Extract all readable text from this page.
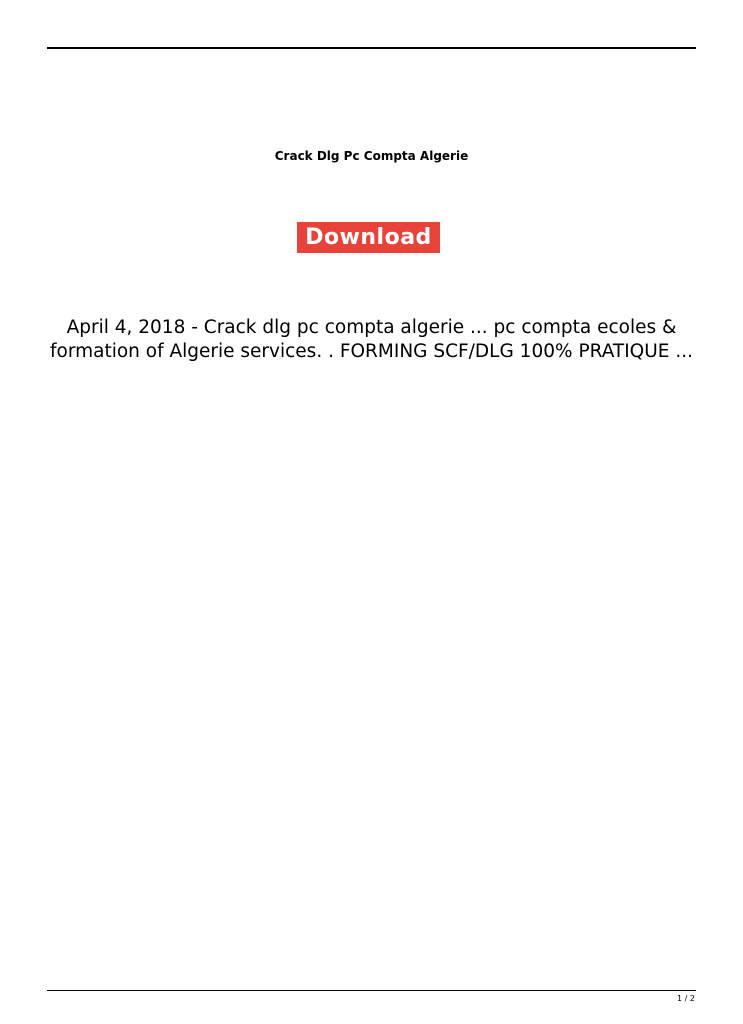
Crack Dlg Pc Compta Algerie
Download
April 4, 2018 - Crack dlg pc compta algerie ... pc compta ecoles & formation of Algerie services. . FORMING SCF/DLG 100% PRATIQUE ...
1 / 2
